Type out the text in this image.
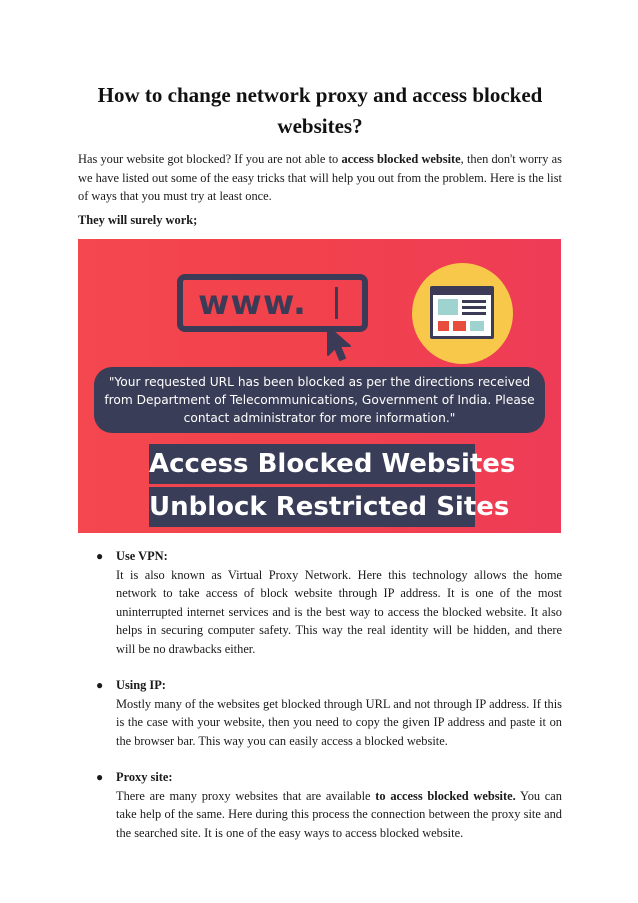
How to change network proxy and access blocked websites?

Has your website got blocked? If you are not able to access blocked website, then don't worry as we have listed out some of the easy tricks that will help you out from the problem. Here is the list of ways that you must try at least once.

They will surely work;

www.
"Your requested URL has been blocked as per the directions received from Department of Telecommunications, Government of India. Please contact administrator for more information."
Access Blocked Websites
Unblock Restricted Sites
● Use VPN:
It is also known as Virtual Proxy Network. Here this technology allows the home network to take access of block website through IP address. It is one of the most uninterrupted internet services and is the best way to access the blocked website. It also helps in securing computer safety. This way the real identity will be hidden, and there will be no drawbacks either.
● Using IP:
Mostly many of the websites get blocked through URL and not through IP address. If this is the case with your website, then you need to copy the given IP address and paste it on the browser bar. This way you can easily access a blocked website.
● Proxy site:
There are many proxy websites that are available to access blocked website. You can take help of the same. Here during this process the connection between the proxy site and the searched site. It is one of the easy ways to access blocked website.
